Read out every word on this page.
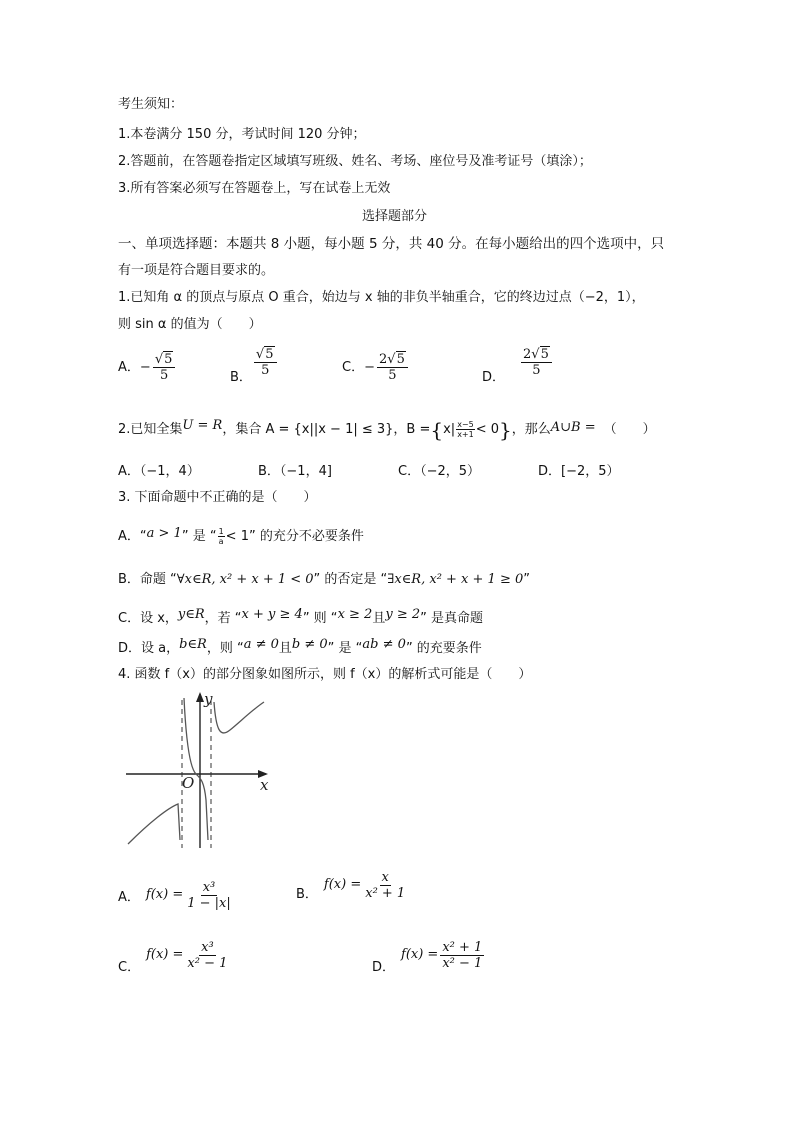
考生须知：
1.本卷满分 150 分，考试时间 120 分钟；
2.答题前，在答题卷指定区域填写班级、姓名、考场、座位号及准考证号（填涂）；
3.所有答案必须写在答题卷上，写在试卷上无效
选择题部分
一、单项选择题：本题共 8 小题，每小题 5 分，共 40 分。在每小题给出的四个选项中，只
有一项是符合题目要求的。
1.已知角 α 的顶点与原点 O 重合，始边与 x 轴的非负半轴重合，它的终边过点（−2，1），
则 sin α 的值为（　　）
A． − $\frac{√5}{5}$	B． $\frac{√5}{5}$	C． − $\frac{2√5}{5}$	D． $\frac{2√5}{5}$
2.已知全集 U = R ，集合 A = {x||x − 1| ≤ 3}，B = { $x| \frac{x-5}{x+1} < 0$ } ，那么 A∪B = （　　）
A．（−1，4）	B．（−1，4]	C．（−2，5）	D．[−2，5）
3. 下面命题中不正确的是（　　）
A．“ a > 1 ” 是 “ $\frac{1}{a} < 1$ ” 的充分不必要条件
B．命题 “ ∀x∈R, x² + x + 1 < 0 ” 的否定是 “ ∃x∈R, x² + x + 1 ≥ 0 ”
C．设 x， y∈R ，若 “ x + y ≥ 4 ” 则 “ x ≥ 2 且 y ≥ 2 ” 是真命题
D．设 a， b∈R ，则 “ a ≠ 0 且 b ≠ 0 ” 是 “ ab ≠ 0 ” 的充要条件
4. 函数 f（x）的部分图象如图所示，则 f（x）的解析式可能是（　　）
y
x
O
A． $f(x) = \frac{\text{x³}}{1 - |x|}$	B．
$f(x) = \frac{x}{\text{x² + 1}}$
C．
$f(x) = \frac{\text{x³}}{\text{x² − 1}}$	D．
$f(x) = \frac{\text{x² + 1}}{\text{x² − 1}}$
